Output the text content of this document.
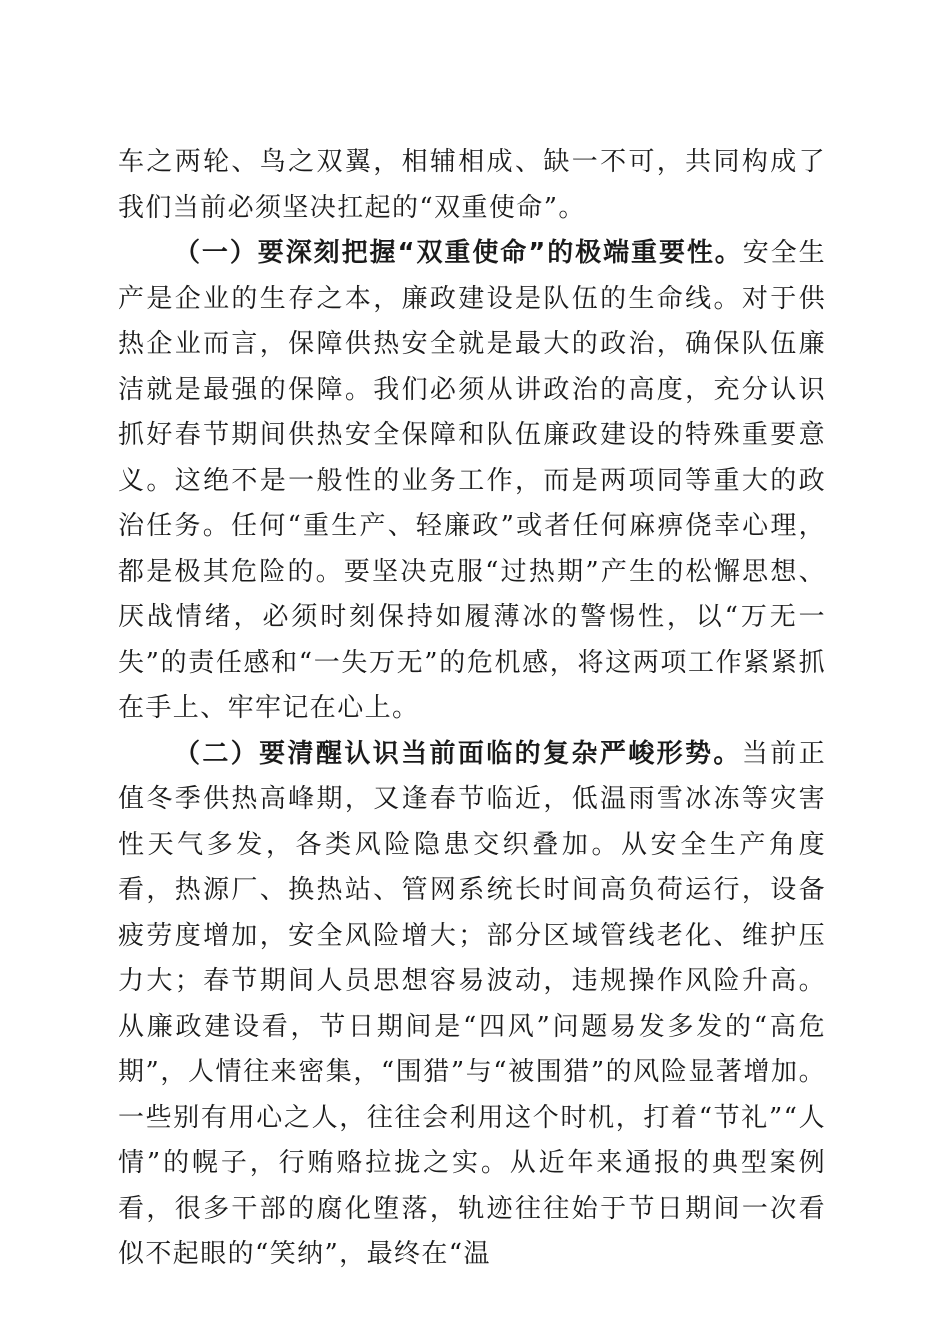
车之两轮、鸟之双翼，相辅相成、缺一不可，共同构成了我们当前必须坚决扛起的“双重使命”。

（一）要深刻把握“双重使命”的极端重要性。安全生产是企业的生存之本，廉政建设是队伍的生命线。对于供热企业而言，保障供热安全就是最大的政治，确保队伍廉洁就是最强的保障。我们必须从讲政治的高度，充分认识抓好春节期间供热安全保障和队伍廉政建设的特殊重要意义。这绝不是一般性的业务工作，而是两项同等重大的政治任务。任何“重生产、轻廉政”或者任何麻痹侥幸心理，都是极其危险的。要坚决克服“过热期”产生的松懈思想、厌战情绪，必须时刻保持如履薄冰的警惕性，以“万无一失”的责任感和“一失万无”的危机感，将这两项工作紧紧抓在手上、牢牢记在心上。

（二）要清醒认识当前面临的复杂严峻形势。当前正值冬季供热高峰期，又逢春节临近，低温雨雪冰冻等灾害性天气多发，各类风险隐患交织叠加。从安全生产角度看，热源厂、换热站、管网系统长时间高负荷运行，设备疲劳度增加，安全风险增大；部分区域管线老化、维护压力大；春节期间人员思想容易波动，违规操作风险升高。从廉政建设看，节日期间是“四风”问题易发多发的“高危期”，人情往来密集，“围猎”与“被围猎”的风险显著增加。一些别有用心之人，往往会利用这个时机，打着“节礼”“人情”的幌子，行贿赂拉拢之实。从近年来通报的典型案例看，很多干部的腐化堕落，轨迹往往始于节日期间一次看似不起眼的“笑纳”，最终在“温
